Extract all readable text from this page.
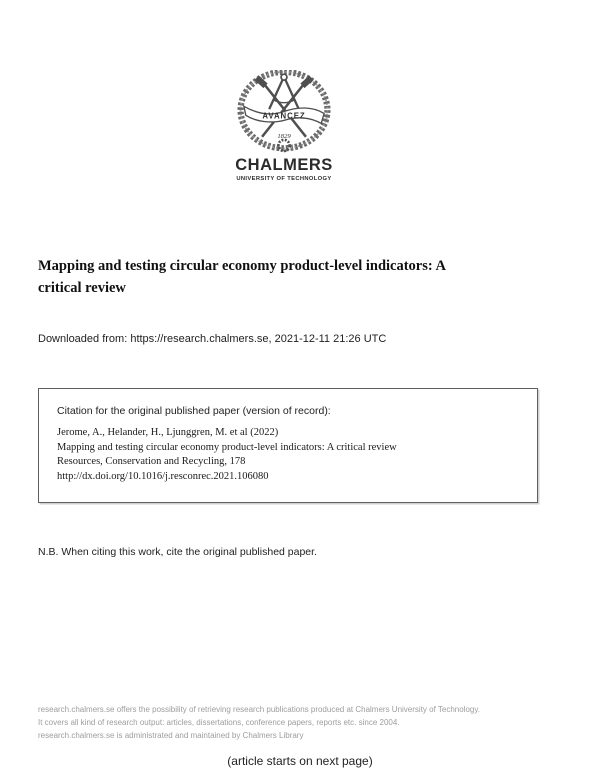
AVANCEZ
1829
CHALMERS
UNIVERSITY OF TECHNOLOGY
Mapping and testing circular economy product-level indicators: A
critical review
Downloaded from: https://research.chalmers.se, 2021-12-11 21:26 UTC
Citation for the original published paper (version of record):
Jerome, A., Helander, H., Ljunggren, M. et al (2022)
Mapping and testing circular economy product-level indicators: A critical review
Resources, Conservation and Recycling, 178
http://dx.doi.org/10.1016/j.resconrec.2021.106080
N.B. When citing this work, cite the original published paper.
research.chalmers.se offers the possibility of retrieving research publications produced at Chalmers University of Technology.
It covers all kind of research output: articles, dissertations, conference papers, reports etc. since 2004.
research.chalmers.se is administrated and maintained by Chalmers Library
(article starts on next page)
